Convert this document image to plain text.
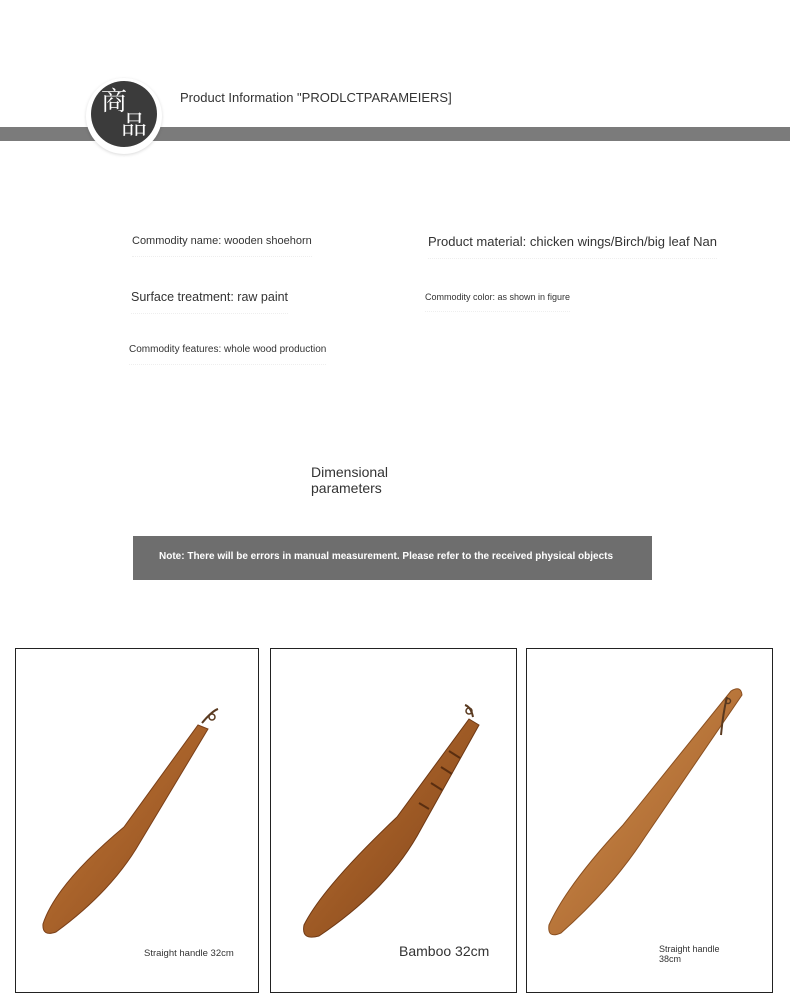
商
品
Product Information "PRODLCTPARAMEIERS]
Commodity name: wooden shoehorn	Product material: chicken wings/Birch/big leaf Nan
Surface treatment: raw paint	Commodity color: as shown in figure
Commodity features: whole wood production
Dimensional
parameters
Note: There will be errors in manual measurement. Please refer to the received physical objects
Straight handle 32cm	Bamboo 32cm	Straight handle 38cm
